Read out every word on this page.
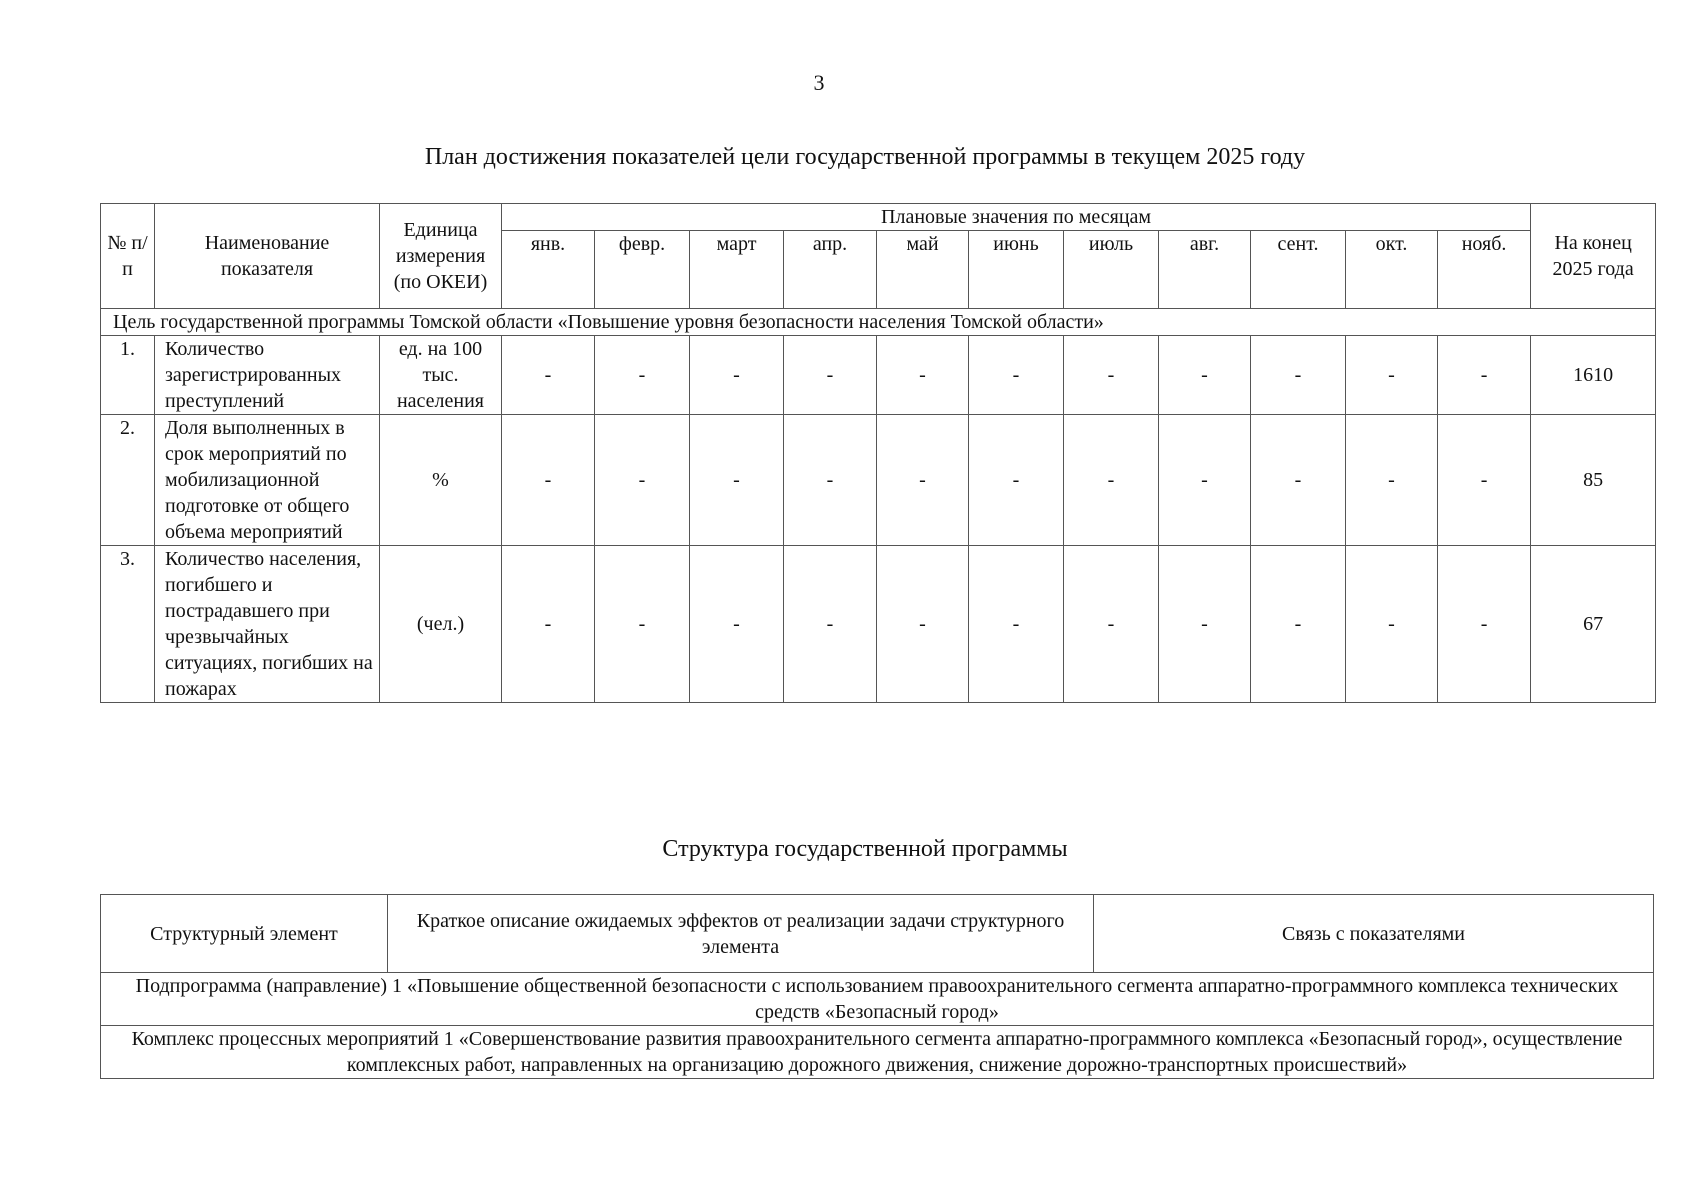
3
План достижения показателей цели государственной программы в текущем 2025 году
№ п/п	Наименование показателя	Единица измерения (по ОКЕИ)	Плановые значения по месяцам											На конец 2025 года
			янв.	февр.	март	апр.	май	июнь	июль	авг.	сент.	окт.	нояб.	
Цель государственной программы Томской области «Повышение уровня безопасности населения Томской области»														
1.	Количество зарегистрированных преступлений	ед. на 100 тыс. населения	-	-	-	-	-	-	-	-	-	-	-	1610
2.	Доля выполненных в срок мероприятий по мобилизационной подготовке от общего объема мероприятий	%	-	-	-	-	-	-	-	-	-	-	-	85
3.	Количество населения, погибшего и пострадавшего при чрезвычайных ситуациях, погибших на пожарах	(чел.)	-	-	-	-	-	-	-	-	-	-	-	67
Структура государственной программы
Структурный элемент	Краткое описание ожидаемых эффектов от реализации задачи структурного элемента	Связь с показателями
Подпрограмма (направление) 1 «Повышение общественной безопасности с использованием правоохранительного сегмента аппаратно-программного комплекса технических средств «Безопасный город»
Комплекс процессных мероприятий 1 «Совершенствование развития правоохранительного сегмента аппаратно-программного комплекса «Безопасный город», осуществление комплексных работ, направленных на организацию дорожного движения, снижение дорожно-транспортных происшествий»
